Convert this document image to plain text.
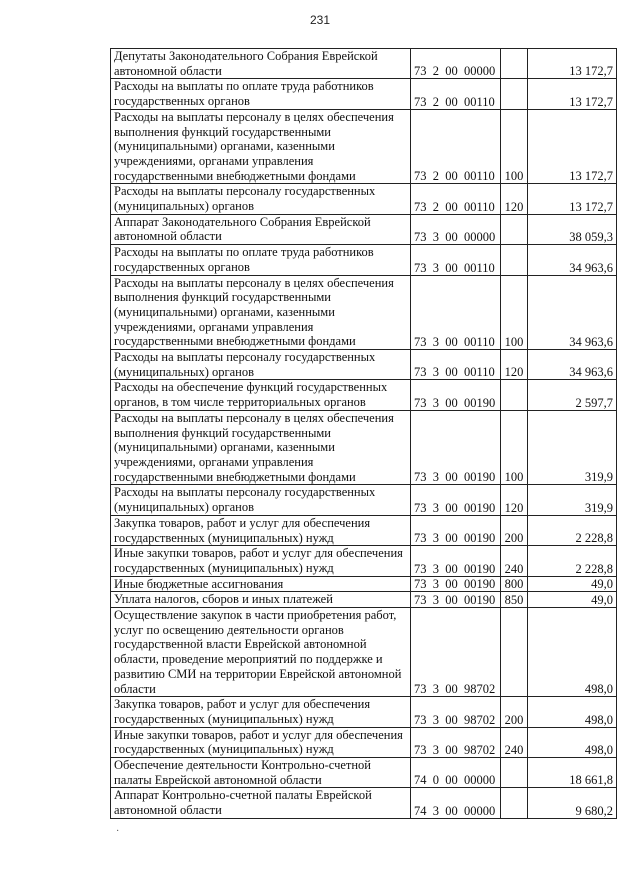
231
Депутаты Законодательного Собрания Еврейской автономной области	73  2  00  00000		13 172,7
Расходы на выплаты по оплате труда работников государственных органов	73  2  00  00110		13 172,7
Расходы на выплаты персоналу в целях обеспечения выполнения функций государственными (муниципальными) органами, казенными учреждениями, органами управления государственными внебюджетными фондами	73  2  00  00110	100	13 172,7
Расходы на выплаты персоналу государственных (муниципальных) органов	73  2  00  00110	120	13 172,7
Аппарат Законодательного Собрания Еврейской автономной области	73  3  00  00000		38 059,3
Расходы на выплаты по оплате труда работников государственных органов	73  3  00  00110		34 963,6
Расходы на выплаты персоналу в целях обеспечения выполнения функций государственными (муниципальными) органами, казенными учреждениями, органами управления государственными внебюджетными фондами	73  3  00  00110	100	34 963,6
Расходы на выплаты персоналу государственных (муниципальных) органов	73  3  00  00110	120	34 963,6
Расходы на обеспечение функций государственных органов, в том числе территориальных органов	73  3  00  00190		2 597,7
Расходы на выплаты персоналу в целях обеспечения выполнения функций государственными (муниципальными) органами, казенными учреждениями, органами управления государственными внебюджетными фондами	73  3  00  00190	100	319,9
Расходы на выплаты персоналу государственных (муниципальных) органов	73  3  00  00190	120	319,9
Закупка товаров, работ и услуг для обеспечения государственных (муниципальных) нужд	73  3  00  00190	200	2 228,8
Иные закупки товаров, работ и услуг для обеспечения государственных (муниципальных) нужд	73  3  00  00190	240	2 228,8
Иные бюджетные ассигнования	73  3  00  00190	800	49,0
Уплата налогов, сборов и иных платежей	73  3  00  00190	850	49,0
Осуществление закупок в части приобретения работ, услуг по освещению деятельности органов государственной власти Еврейской автономной области, проведение мероприятий по поддержке и развитию СМИ на территории Еврейской автономной области	73  3  00  98702		498,0
Закупка товаров, работ и услуг для обеспечения государственных (муниципальных) нужд	73  3  00  98702	200	498,0
Иные закупки товаров, работ и услуг для обеспечения государственных (муниципальных) нужд	73  3  00  98702	240	498,0
Обеспечение деятельности Контрольно-счетной палаты Еврейской автономной области	74  0  00  00000		18 661,8
Аппарат Контрольно-счетной палаты Еврейской автономной области	74  3  00  00000		9 680,2
·
